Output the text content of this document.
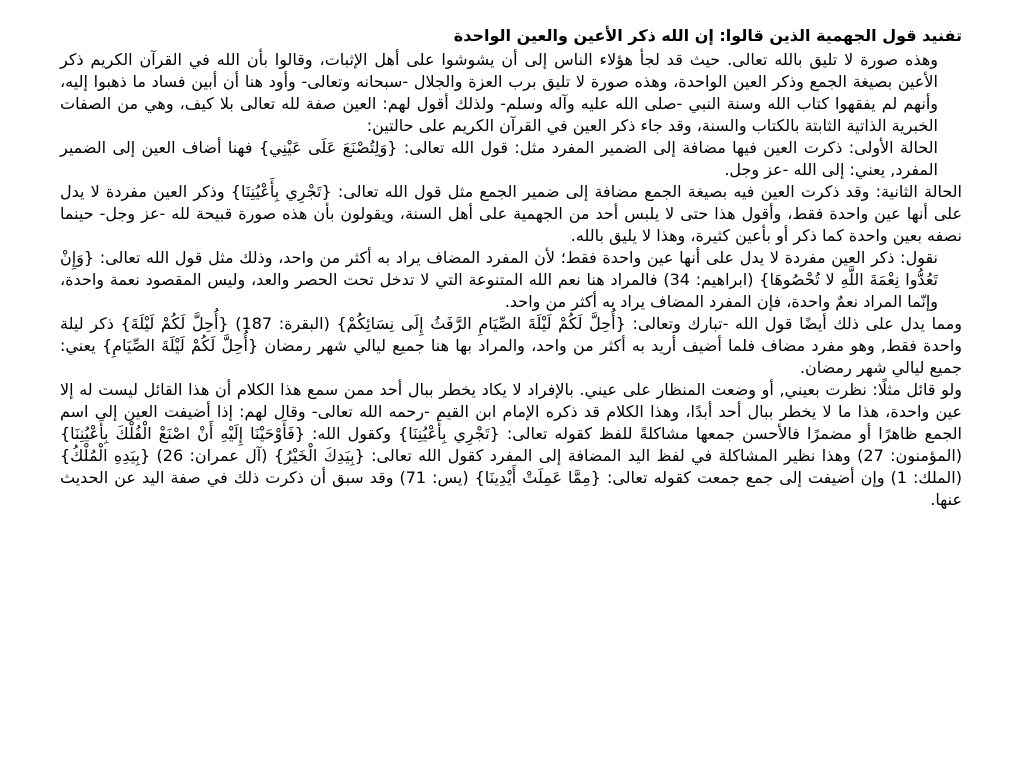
تفنيد قول الجهمية الذين قالوا: إن الله ذكر الأعين والعين الواحدة

وهذه صورة لا تليق بالله تعالى. حيث قد لجأ هؤلاء الناس إلى أن يشوشوا على أهل الإثبات، وقالوا بأن الله في القرآن الكريم ذكر الأعين بصيغة الجمع وذكر العين الواحدة، وهذه صورة لا تليق برب العزة والجلال -سبحانه وتعالى- وأود هنا أن أبين فساد ما ذهبوا إليه، وأنهم لم يفقهوا كتاب الله وسنة النبي -صلى الله عليه وآله وسلم- ولذلك أقول لهم: العين صفة لله تعالى بلا كيف، وهي من الصفات الخبرية الذاتية الثابتة بالكتاب والسنة، وقد جاء ذكر العين في القرآن الكريم على حالتين:

الحالة الأولى: ذكرت العين فيها مضافة إلى الضمير المفرد مثل: قول الله تعالى: {وَلِتُصْنَعَ عَلَى عَيْنِي} فهنا أضاف العين إلى الضمير المفرد, يعني: إلى الله -عز وجل.

الحالة الثانية: وقد ذكرت العين فيه بصيغة الجمع مضافة إلى ضمير الجمع مثل قول الله تعالى: {تَجْرِي بِأَعْيُنِنَا} وذكر العين مفردة لا يدل على أنها عين واحدة فقط، وأقول هذا حتى لا يلبس أحد من الجهمية على أهل السنة، ويقولون بأن هذه صورة قبيحة لله -عز وجل- حينما نصفه بعين واحدة كما ذكر أو بأعين كثيرة، وهذا لا يليق بالله.

نقول: ذكر العين مفردة لا يدل على أنها عين واحدة فقط؛ لأن المفرد المضاف يراد به أكثر من واحد، وذلك مثل قول الله تعالى: {وَإِنْ تَعُدُّوا نِعْمَةَ اللَّهِ لا تُحْصُوهَا} (ابراهيم: 34) فالمراد هنا نعم الله المتنوعة التي لا تدخل تحت الحصر والعد، وليس المقصود نعمة واحدة، وإنّما المراد نعمٌ واحدة، فإن المفرد المضاف يراد به أكثر من واحد.

ومما يدل على ذلك أيضًا قول الله -تبارك وتعالى: {أُحِلَّ لَكُمْ لَيْلَةَ الصِّيَامِ الرَّفَثُ إِلَى نِسَائِكُمْ} (البقرة: 187) {أُحِلَّ لَكُمْ لَيْلَةَ} ذكر ليلة واحدة فقط, وهو مفرد مضاف فلما أضيف أريد به أكثر من واحد، والمراد بها هنا جميع ليالي شهر رمضان {أُحِلَّ لَكُمْ لَيْلَةَ الصِّيَامِ} يعني: جميع ليالي شهر رمضان.

ولو قائل مثلًا: نظرت بعيني, أو وضعت المنظار على عيني. بالإفراد لا يكاد يخطر ببال أحد ممن سمع هذا الكلام أن هذا القائل ليست له إلا عين واحدة، هذا ما لا يخطر ببال أحد أبدًا، وهذا الكلام قد ذكره الإمام ابن القيم -رحمه الله تعالى- وقال لهم: إذا أضيفت العين إلى اسم الجمع ظاهرًا أو مضمرًا فالأحسن جمعها مشاكلةً للفظ كقوله تعالى: {تَجْرِي بِأَعْيُنِنَا} وكقول الله: {فَأَوْحَيْنَا إِلَيْهِ أَنْ اصْنَعْ الْفُلْكَ بِأَعْيُنِنَا} (المؤمنون: 27) وهذا نظير المشاكلة في لفظ اليد المضافة إلى المفرد كقول الله تعالى: {بِيَدِكَ الْخَيْرُ} (آل عمران: 26) {بِيَدِهِ الْمُلْكُ} (الملك: 1) وإن أضيفت إلى جمع جمعت كقوله تعالى: {مِمَّا عَمِلَتْ أَيْدِينَا} (يس: 71) وقد سبق أن ذكرت ذلك في صفة اليد عن الحديث عنها.
